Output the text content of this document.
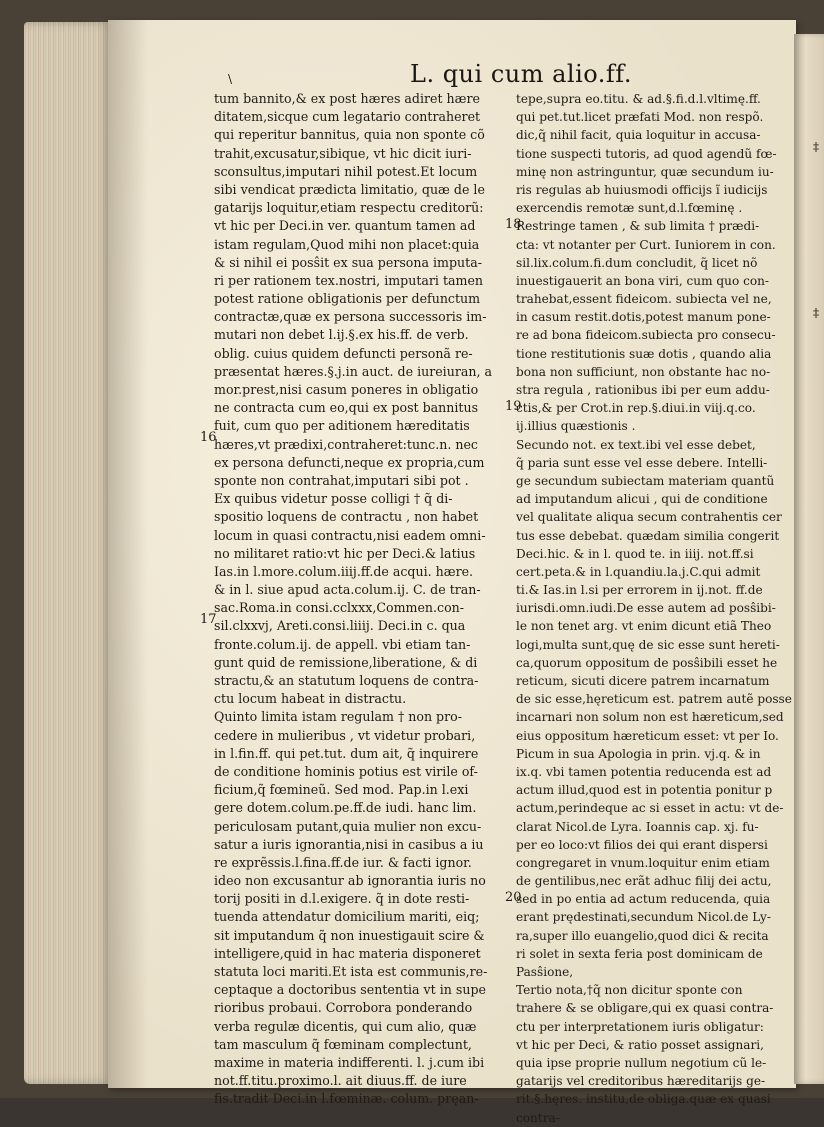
\	L. qui cum alio.ff.
tum bannito,& ex post hæres adiret hære
ditatem,sicque cum legatario contraheret
qui reperitur bannitus, quia non sponte cõ
trahit,excusatur,sibique, vt hic dicit iuri-
sconsultus,imputari nihil potest.Et locum
sibi vendicat prædicta limitatio, quæ de le
gatarijs loquitur,etiam respectu creditorũ:
vt hic per Deci.in ver. quantum tamen ad
istam regulam,Quod mihi non placet:quia
& si nihil ei posŝit ex sua persona imputa-
ri per rationem tex.nostri, imputari tamen
potest ratione obligationis per defunctum
contractæ,quæ ex persona successoris im-
mutari non debet l.ij.§.ex his.ff. de verb.
oblig. cuius quidem defuncti personã re-
præsentat hæres.§.j.in auct. de iureiuran, a
mor.prest,nisi casum poneres in obligatio
ne contracta cum eo,qui ex post bannitus
fuit, cum quo per aditionem hæreditatis
hæres,vt prædixi,contraheret:tunc.n. nec
ex persona defuncti,neque ex propria,cum
sponte non contrahat,imputari sibi pot .
Ex quibus videtur posse colligi † q̃ di-
spositio loquens de contractu , non habet
locum in quasi contractu,nisi eadem omni-
no militaret ratio:vt hic per Deci.& latius
Ias.in l.more.colum.iiij.ff.de acqui. hære.
& in l. siue apud acta.colum.ij. C. de tran-
sac.Roma.in consi.cclxxx,Commen.con-
sil.clxxvj, Areti.consi.liiij. Deci.in c. qua
fronte.colum.ij. de appell. vbi etiam tan-
gunt quid de remissione,liberatione, & di
stractu,& an statutum loquens de contra-
ctu locum habeat in distractu.
Quinto limita istam regulam † non pro-
cedere in mulieribus , vt videtur probari,
in l.fin.ff. qui pet.tut. dum ait, q̃ inquirere
de conditione hominis potius est virile of-
ficium,q̃ fœmineũ. Sed mod. Pap.in l.exi
gere dotem.colum.pe.ff.de iudi. hanc lim.
periculosam putant,quia mulier non excu-
satur a iuris ignorantia,nisi in casibus a iu
re exprẽssis.l.fina.ff.de iur. & facti ignor.
ideo non excusantur ab ignorantia iuris no
torij positi in d.l.exigere. q̃ in dote resti-
tuenda attendatur domicilium mariti, eiq;
sit imputandum q̃ non inuestigauit scire &
intelligere,quid in hac materia disponeret
statuta loci mariti.Et ista est communis,re-
ceptaque a doctoribus sententia vt in supe
rioribus probaui. Corrobora ponderando
verba regulæ dicentis, qui cum alio, quæ
tam masculum q̃ fœminam complectunt,
maxime in materia indifferenti. l. j.cum ibi
not.ff.titu.proximo.l. ait diuus.ff. de iure
fis.tradit Deci.in l.fœminæ. colum. pręan-
tepe,supra eo.titu. & ad.§.fi.d.l.vltimę.ff.
qui pet.tut.licet præfati Mod. non respõ.
dic,q̃ nihil facit, quia loquitur in accusa-
tione suspecti tutoris, ad quod agendũ fœ-
minę non astringuntur, quæ secundum iu-
ris regulas ab huiusmodi officijs ĩ iudicijs
exercendis remotæ sunt,d.l.fœminę .
Restringe tamen , & sub limita † prædi-
cta: vt notanter per Curt. Iuniorem in con.
sil.lix.colum.fi.dum concludit, q̃ licet nõ
inuestigauerit an bona viri, cum quo con-
trahebat,essent fideicom. subiecta vel ne,
in casum restit.dotis,potest manum pone-
re ad bona fideicom.subiecta pro consecu-
tione restitutionis suæ dotis , quando alia
bona non sufficiunt, non obstante hac no-
stra regula , rationibus ibi per eum addu-
ctis,& per Crot.in rep.§.diui.in viij.q.co.
ij.illius quæstionis .
Secundo not. ex text.ibi vel esse debet,
q̃ paria sunt esse vel esse debere. Intelli-
ge secundum subiectam materiam quantũ
ad imputandum alicui , qui de conditione
vel qualitate aliqua secum contrahentis cer
tus esse debebat. quædam similia congerit
Deci.hic. & in l. quod te. in iiij. not.ff.si
cert.peta.& in l.quandiu.la.j.C.qui admit
ti.& Ias.in l.si per errorem in ij.not. ff.de
iurisdi.omn.iudi.De esse autem ad posŝibi-
le non tenet arg. vt enim dicunt etiã Theo
logi,multa sunt,quę de sic esse sunt hereti-
ca,quorum oppositum de posŝibili esset he
reticum, sicuti dicere patrem incarnatum
de sic esse,hęreticum est. patrem autẽ posse
incarnari non solum non est hæreticum,sed
eius oppositum hæreticum esset: vt per Io.
Picum in sua Apologia in prin. vj.q. & in
ix.q. vbi tamen potentia reducenda est ad
actum illud,quod est in potentia ponitur p
actum,perindeque ac si esset in actu: vt de-
clarat Nicol.de Lyra. Ioannis cap. xj. fu-
per eo loco:vt filios dei qui erant dispersi
congregaret in vnum.loquitur enim etiam
de gentilibus,nec erãt adhuc filij dei actu,
sed in po entia ad actum reducenda, quia
erant prędestinati,secundum Nicol.de Ly-
ra,super illo euangelio,quod dici & recita
ri solet in sexta feria post dominicam de
Pasŝione,
Tertio nota,†q̃ non dicitur sponte con
trahere & se obligare,qui ex quasi contra-
ctu per interpretationem iuris obligatur:
vt hic per Deci, & ratio posset assignari,
quia ipse proprie nullum negotium cũ le-
gatarijs vel creditoribus hæreditarijs ge-
rit.§.hęres. institu,de obliga.quæ ex quasi
contra-
16
17
18
19
20
‡
‡
